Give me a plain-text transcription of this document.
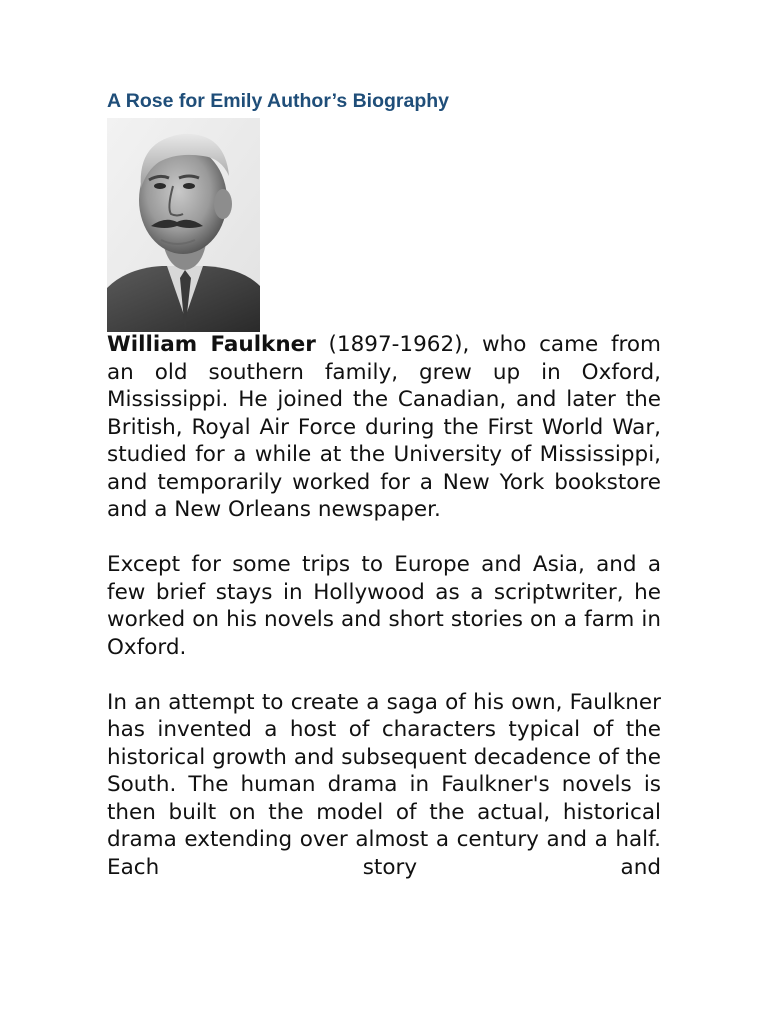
A Rose for Emily Author’s Biography

William Faulkner (1897-1962), who came from an old southern family, grew up in Oxford, Mississippi. He joined the Canadian, and later the British, Royal Air Force during the First World War, studied for a while at the University of Mississippi, and temporarily worked for a New York bookstore and a New Orleans newspaper.

Except for some trips to Europe and Asia, and a few brief stays in Hollywood as a scriptwriter, he worked on his novels and short stories on a farm in Oxford.

In an attempt to create a saga of his own, Faulkner has invented a host of characters typical of the historical growth and subsequent decadence of the South. The human drama in Faulkner's novels is then built on the model of the actual, historical drama extending over almost a century and a half. Each story and
